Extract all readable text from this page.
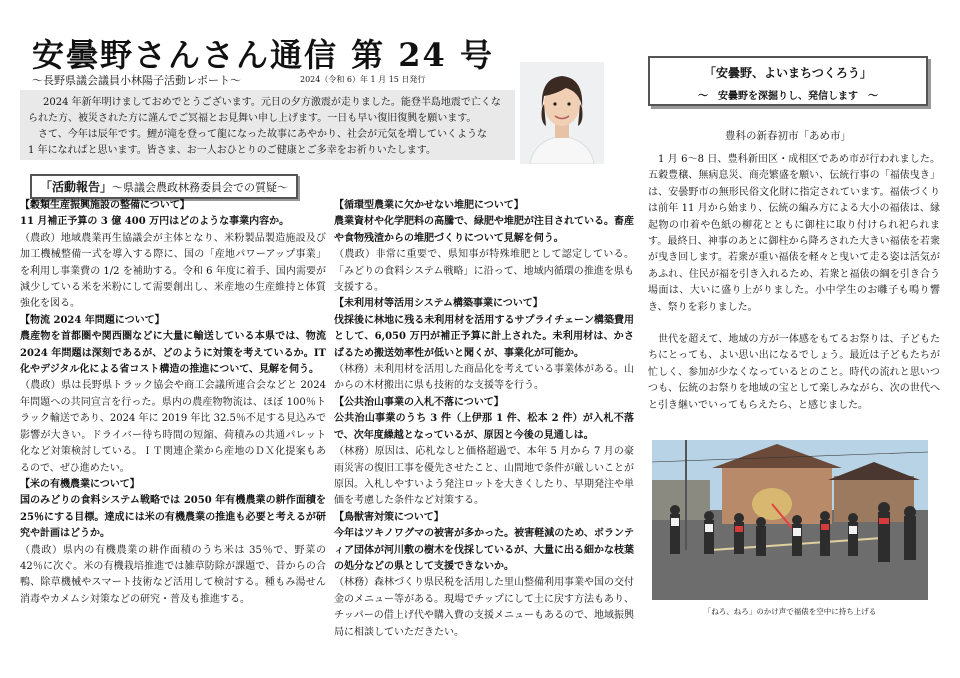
安曇野さんさん通信 第 24 号
～長野県議会議員小林陽子活動レポート～	2024（令和 6）年 1 月 15 日発行
2024 年新年明けましておめでとうございます。元日の夕方激震が走りました。能登半島地震で亡くな
られた方、被災された方に謹んでご冥福とお見舞い申し上げます。一日も早い復旧復興を願います。
さて、今年は辰年です。鯉が滝を登って龍になった故事にあやかり、社会が元気を増していくような
1 年になればと思います。皆さま、お一人おひとりのご健康とご多幸をお祈りいたします。
「活動報告」～県議会農政林務委員会での質疑～

【穀類生産振興施設の整備について】

11 月補正予算の 3 億 400 万円はどのような事業内容か。

（農政）地域農業再生協議会が主体となり、米粉製品製造施設及び加工機械整備一式を導入する際に、国の「産地パワーアップ事業」を利用し事業費の 1/2 を補助する。令和 6 年度に着手、国内需要が減少している米を米粉にして需要創出し、米産地の生産維持と体質強化を図る。

【物流 2024 年問題について】

農産物を首都圏や関西圏などに大量に輸送している本県では、物流 2024 年問題は深刻であるが、どのように対策を考えているか。IT化やデジタル化による省コスト構造の推進について、見解を伺う。

（農政）県は長野県トラック協会や商工会議所連合会などと 2024 年問題への共同宣言を行った。県内の農産物物流は、ほぼ 100％トラック輸送であり、2024 年に 2019 年比 32.5％不足する見込みで影響が大きい。ドライバー待ち時間の短縮、荷積みの共通パレット化など対策検討している。ＩＴ関連企業から産地のＤＸ化提案もあるので、ぜひ進めたい。

【米の有機農業について】

国のみどりの食料システム戦略では 2050 年有機農業の耕作面積を 25％にする目標。達成には米の有機農業の推進も必要と考えるが研究や計画はどうか。

（農政）県内の有機農業の耕作面積のうち米は 35％で、野菜の 42％に次ぐ。米の有機栽培推進では雑草防除が課題で、昔からの合鴨、除草機械やスマート技術など活用して検討する。種もみ湯せん消毒やカメムシ対策などの研究・普及も推進する。

【循環型農業に欠かせない堆肥について】

農業資材や化学肥料の高騰で、緑肥や堆肥が注目されている。畜産や食物残渣からの堆肥づくりについて見解を伺う。

（農政）非常に重要で、県知事が特殊堆肥として認定している。「みどりの食料システム戦略」に沿って、地域内循環の推進を県も支援する。

【未利用材等活用システム構築事業について】

伐採後に林地に残る未利用材を活用するサプライチェーン構築費用として、6,050 万円が補正予算に計上された。未利用材は、かさばるため搬送効率性が低いと聞くが、事業化が可能か。

（林務）未利用材を活用した商品化を考えている事業体がある。山からの木材搬出に県も技術的な支援等を行う。

【公共治山事業の入札不落について】

公共治山事業のうち 3 件（上伊那 1 件、松本 2 件）が入札不落で、次年度繰越となっているが、原因と今後の見通しは。

（林務）原因は、応札なしと価格超過で、本年 5 月から 7 月の豪雨災害の復旧工事を優先させたこと、山間地で条件が厳しいことが原因。入札しやすいよう発注ロットを大きくしたり、早期発注や単価を考慮した条件など対策する。

【鳥獣害対策について】

今年はツキノワグマの被害が多かった。被害軽減のため、ボランティア団体が河川敷の樹木を伐採しているが、大量に出る細かな枝葉の処分などの県として支援できないか。

（林務）森林づくり県民税を活用した里山整備利用事業や国の交付金のメニュー等がある。現場でチップにして土に戻す方法もあり、チッパーの借上げ代や購入費の支援メニューもあるので、地域振興局に相談していただきたい。

「安曇野、よいまちつくろう」
～　安曇野を深掘りし、発信します　～
豊科の新春初市「あめ市」

1 月 6～8 日、豊科新田区・成相区であめ市が行われました。五穀豊穣、無病息災、商売繁盛を願い、伝統行事の「福俵曳き」は、安曇野市の無形民俗文化財に指定されています。福俵づくりは前年 11 月から始まり、伝統の編み方による大小の福俵は、縁起物の巾着や色紙の柳花とともに御柱に取り付けられ祀られます。最終日、神事のあとに御柱から降ろされた大きい福俵を若衆が曳き回します。若衆が重い福俵を軽々と曳いて走る姿は活気があふれ、住民が福を引き入れるため、若衆と福俵の綱を引き合う場面は、大いに盛り上がりました。小中学生のお囃子も鳴り響き、祭りを彩りました。

世代を超えて、地域の方が一体感をもてるお祭りは、子どもたちにとっても、よい思い出になるでしょう。最近は子どもたちが忙しく、参加が少なくなっているとのこと。時代の流れと思いつつも、伝統のお祭りを地域の宝として楽しみながら、次の世代へと引き継いでいってもらえたら、と感じました。

「ねろ、ねろ」のかけ声で福俵を空中に持ち上げる
